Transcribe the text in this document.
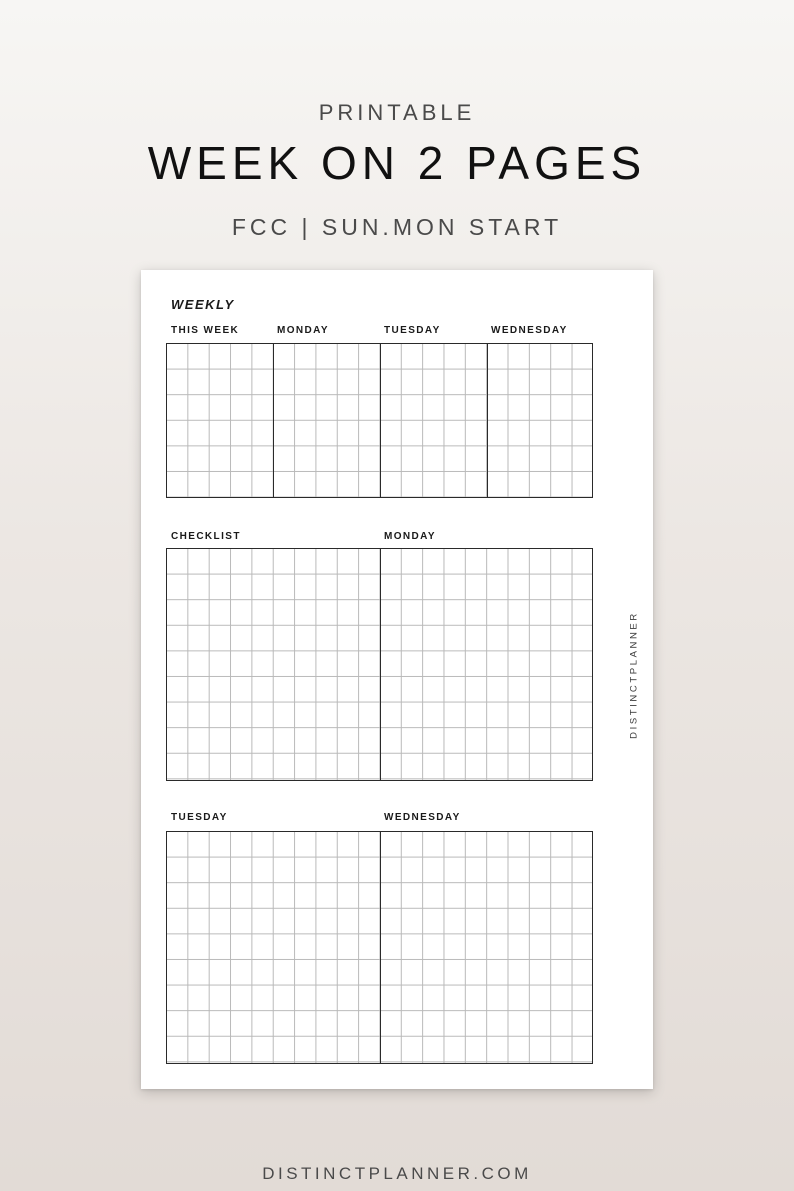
PRINTABLE
WEEK ON 2 PAGES
FCC | SUN.MON START
WEEKLY
THIS WEEK	MONDAY	TUESDAY	WEDNESDAY
CHECKLIST	MONDAY
TUESDAY	WEDNESDAY
DISTINCTPLANNER
DISTINCTPLANNER.COM
